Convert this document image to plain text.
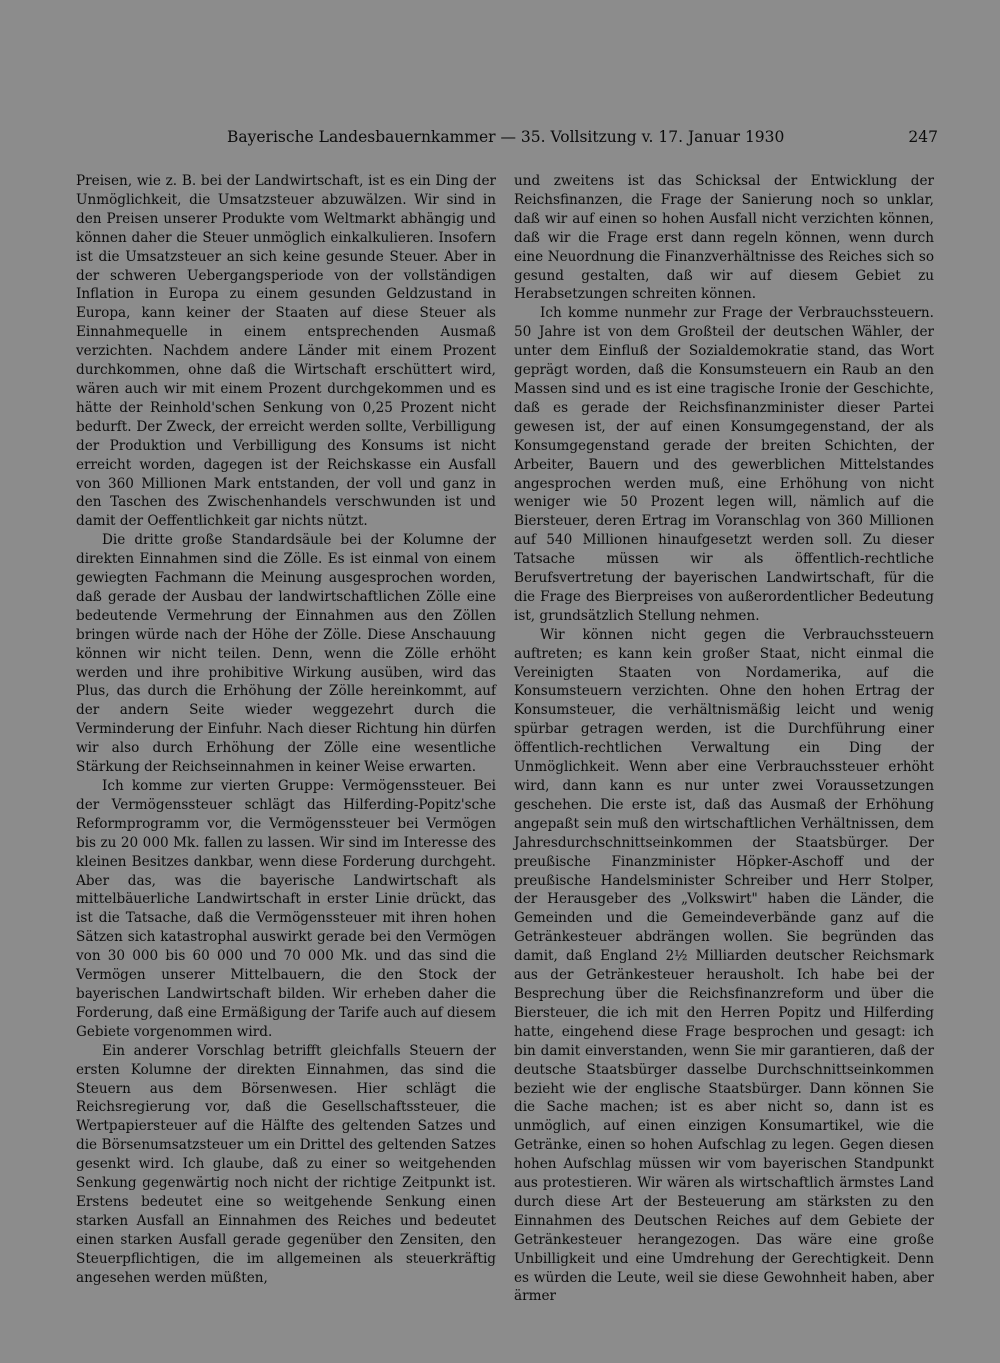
Bayerische Landesbauernkammer — 35. Vollsitzung v. 17. Januar 1930	247

Preisen, wie z. B. bei der Landwirtschaft, ist es ein Ding der Unmöglichkeit, die Umsatzsteuer abzuwälzen. Wir sind in den Preisen unserer Produkte vom Weltmarkt abhängig und können daher die Steuer unmöglich einkalkulieren. Insofern ist die Umsatzsteuer an sich keine gesunde Steuer. Aber in der schweren Uebergangsperiode von der vollständigen Inflation in Europa zu einem gesunden Geldzustand in Europa, kann keiner der Staaten auf diese Steuer als Einnahmequelle in einem entsprechenden Ausmaß verzichten. Nachdem andere Länder mit einem Prozent durchkommen, ohne daß die Wirtschaft erschüttert wird, wären auch wir mit einem Prozent durchgekommen und es hätte der Reinhold'schen Senkung von 0,25 Prozent nicht bedurft. Der Zweck, der erreicht werden sollte, Verbilligung der Produktion und Verbilligung des Konsums ist nicht erreicht worden, dagegen ist der Reichskasse ein Ausfall von 360 Millionen Mark entstanden, der voll und ganz in den Taschen des Zwischenhandels verschwunden ist und damit der Oeffentlichkeit gar nichts nützt.

Die dritte große Standardsäule bei der Kolumne der direkten Einnahmen sind die Zölle. Es ist einmal von einem gewiegten Fachmann die Meinung ausgesprochen worden, daß gerade der Ausbau der landwirtschaftlichen Zölle eine bedeutende Vermehrung der Einnahmen aus den Zöllen bringen würde nach der Höhe der Zölle. Diese Anschauung können wir nicht teilen. Denn, wenn die Zölle erhöht werden und ihre prohibitive Wirkung ausüben, wird das Plus, das durch die Erhöhung der Zölle hereinkommt, auf der andern Seite wieder weggezehrt durch die Verminderung der Einfuhr. Nach dieser Richtung hin dürfen wir also durch Erhöhung der Zölle eine wesentliche Stärkung der Reichseinnahmen in keiner Weise erwarten.

Ich komme zur vierten Gruppe: Vermögenssteuer. Bei der Vermögenssteuer schlägt das Hilferding-Popitz'sche Reformprogramm vor, die Vermögenssteuer bei Vermögen bis zu 20 000 Mk. fallen zu lassen. Wir sind im Interesse des kleinen Besitzes dankbar, wenn diese Forderung durchgeht. Aber das, was die bayerische Landwirtschaft als mittelbäuerliche Landwirtschaft in erster Linie drückt, das ist die Tatsache, daß die Vermögenssteuer mit ihren hohen Sätzen sich katastrophal auswirkt gerade bei den Vermögen von 30 000 bis 60 000 und 70 000 Mk. und das sind die Vermögen unserer Mittelbauern, die den Stock der bayerischen Landwirtschaft bilden. Wir erheben daher die Forderung, daß eine Ermäßigung der Tarife auch auf diesem Gebiete vorgenommen wird.

Ein anderer Vorschlag betrifft gleichfalls Steuern der ersten Kolumne der direkten Einnahmen, das sind die Steuern aus dem Börsenwesen. Hier schlägt die Reichsregierung vor, daß die Gesellschaftssteuer, die Wertpapiersteuer auf die Hälfte des geltenden Satzes und die Börsenumsatzsteuer um ein Drittel des geltenden Satzes gesenkt wird. Ich glaube, daß zu einer so weitgehenden Senkung gegenwärtig noch nicht der richtige Zeitpunkt ist. Erstens bedeutet eine so weitgehende Senkung einen starken Ausfall an Einnahmen des Reiches und bedeutet einen starken Ausfall gerade gegenüber den Zensiten, den Steuerpflichtigen, die im allgemeinen als steuerkräftig angesehen werden müßten,

und zweitens ist das Schicksal der Entwicklung der Reichsfinanzen, die Frage der Sanierung noch so unklar, daß wir auf einen so hohen Ausfall nicht verzichten können, daß wir die Frage erst dann regeln können, wenn durch eine Neuordnung die Finanzverhältnisse des Reiches sich so gesund gestalten, daß wir auf diesem Gebiet zu Herabsetzungen schreiten können.

Ich komme nunmehr zur Frage der Verbrauchssteuern. 50 Jahre ist von dem Großteil der deutschen Wähler, der unter dem Einfluß der Sozialdemokratie stand, das Wort geprägt worden, daß die Konsumsteuern ein Raub an den Massen sind und es ist eine tragische Ironie der Geschichte, daß es gerade der Reichsfinanzminister dieser Partei gewesen ist, der auf einen Konsumgegenstand, der als Konsumgegenstand gerade der breiten Schichten, der Arbeiter, Bauern und des gewerblichen Mittelstandes angesprochen werden muß, eine Erhöhung von nicht weniger wie 50 Prozent legen will, nämlich auf die Biersteuer, deren Ertrag im Voranschlag von 360 Millionen auf 540 Millionen hinaufgesetzt werden soll. Zu dieser Tatsache müssen wir als öffentlich-rechtliche Berufsvertretung der bayerischen Landwirtschaft, für die die Frage des Bierpreises von außerordentlicher Bedeutung ist, grundsätzlich Stellung nehmen.

Wir können nicht gegen die Verbrauchssteuern auftreten; es kann kein großer Staat, nicht einmal die Vereinigten Staaten von Nordamerika, auf die Konsumsteuern verzichten. Ohne den hohen Ertrag der Konsumsteuer, die verhältnismäßig leicht und wenig spürbar getragen werden, ist die Durchführung einer öffentlich-rechtlichen Verwaltung ein Ding der Unmöglichkeit. Wenn aber eine Verbrauchssteuer erhöht wird, dann kann es nur unter zwei Voraussetzungen geschehen. Die erste ist, daß das Ausmaß der Erhöhung angepaßt sein muß den wirtschaftlichen Verhältnissen, dem Jahresdurchschnittseinkommen der Staatsbürger. Der preußische Finanzminister Höpker-Aschoff und der preußische Handelsminister Schreiber und Herr Stolper, der Herausgeber des „Volkswirt" haben die Länder, die Gemeinden und die Gemeindeverbände ganz auf die Getränkesteuer abdrängen wollen. Sie begründen das damit, daß England 2½ Milliarden deutscher Reichsmark aus der Getränkesteuer herausholt. Ich habe bei der Besprechung über die Reichsfinanzreform und über die Biersteuer, die ich mit den Herren Popitz und Hilferding hatte, eingehend diese Frage besprochen und gesagt: ich bin damit einverstanden, wenn Sie mir garantieren, daß der deutsche Staatsbürger dasselbe Durchschnittseinkommen bezieht wie der englische Staatsbürger. Dann können Sie die Sache machen; ist es aber nicht so, dann ist es unmöglich, auf einen einzigen Konsumartikel, wie die Getränke, einen so hohen Aufschlag zu legen. Gegen diesen hohen Aufschlag müssen wir vom bayerischen Standpunkt aus protestieren. Wir wären als wirtschaftlich ärmstes Land durch diese Art der Besteuerung am stärksten zu den Einnahmen des Deutschen Reiches auf dem Gebiete der Getränkesteuer herangezogen. Das wäre eine große Unbilligkeit und eine Umdrehung der Gerechtigkeit. Denn es würden die Leute, weil sie diese Gewohnheit haben, aber ärmer
